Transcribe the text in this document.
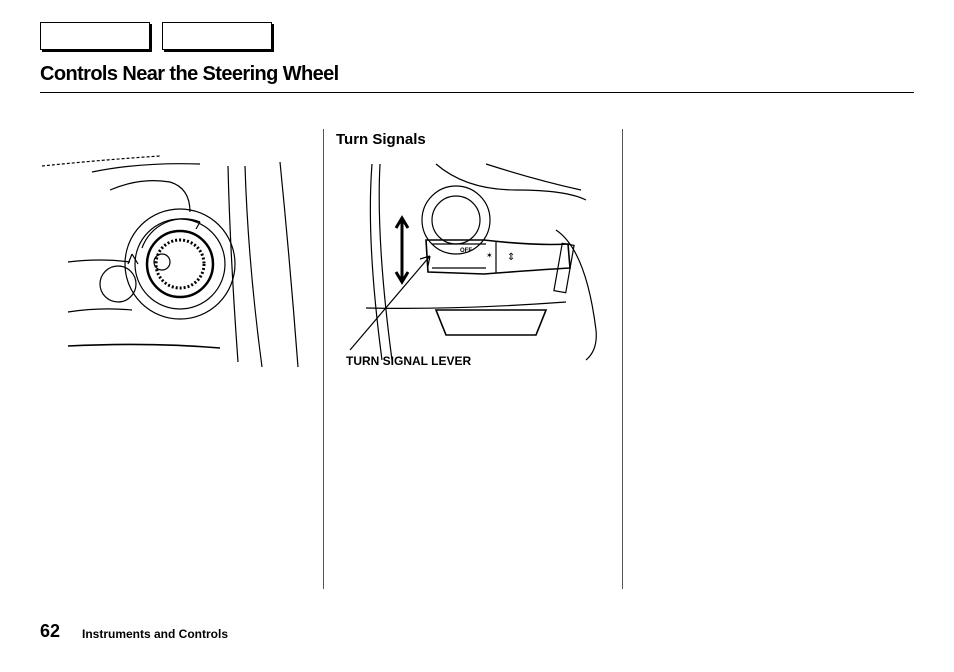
Controls Near the Steering Wheel
Turn Signals
OFF ✶ ⇕
TURN SIGNAL LEVER
62 Instruments and Controls
